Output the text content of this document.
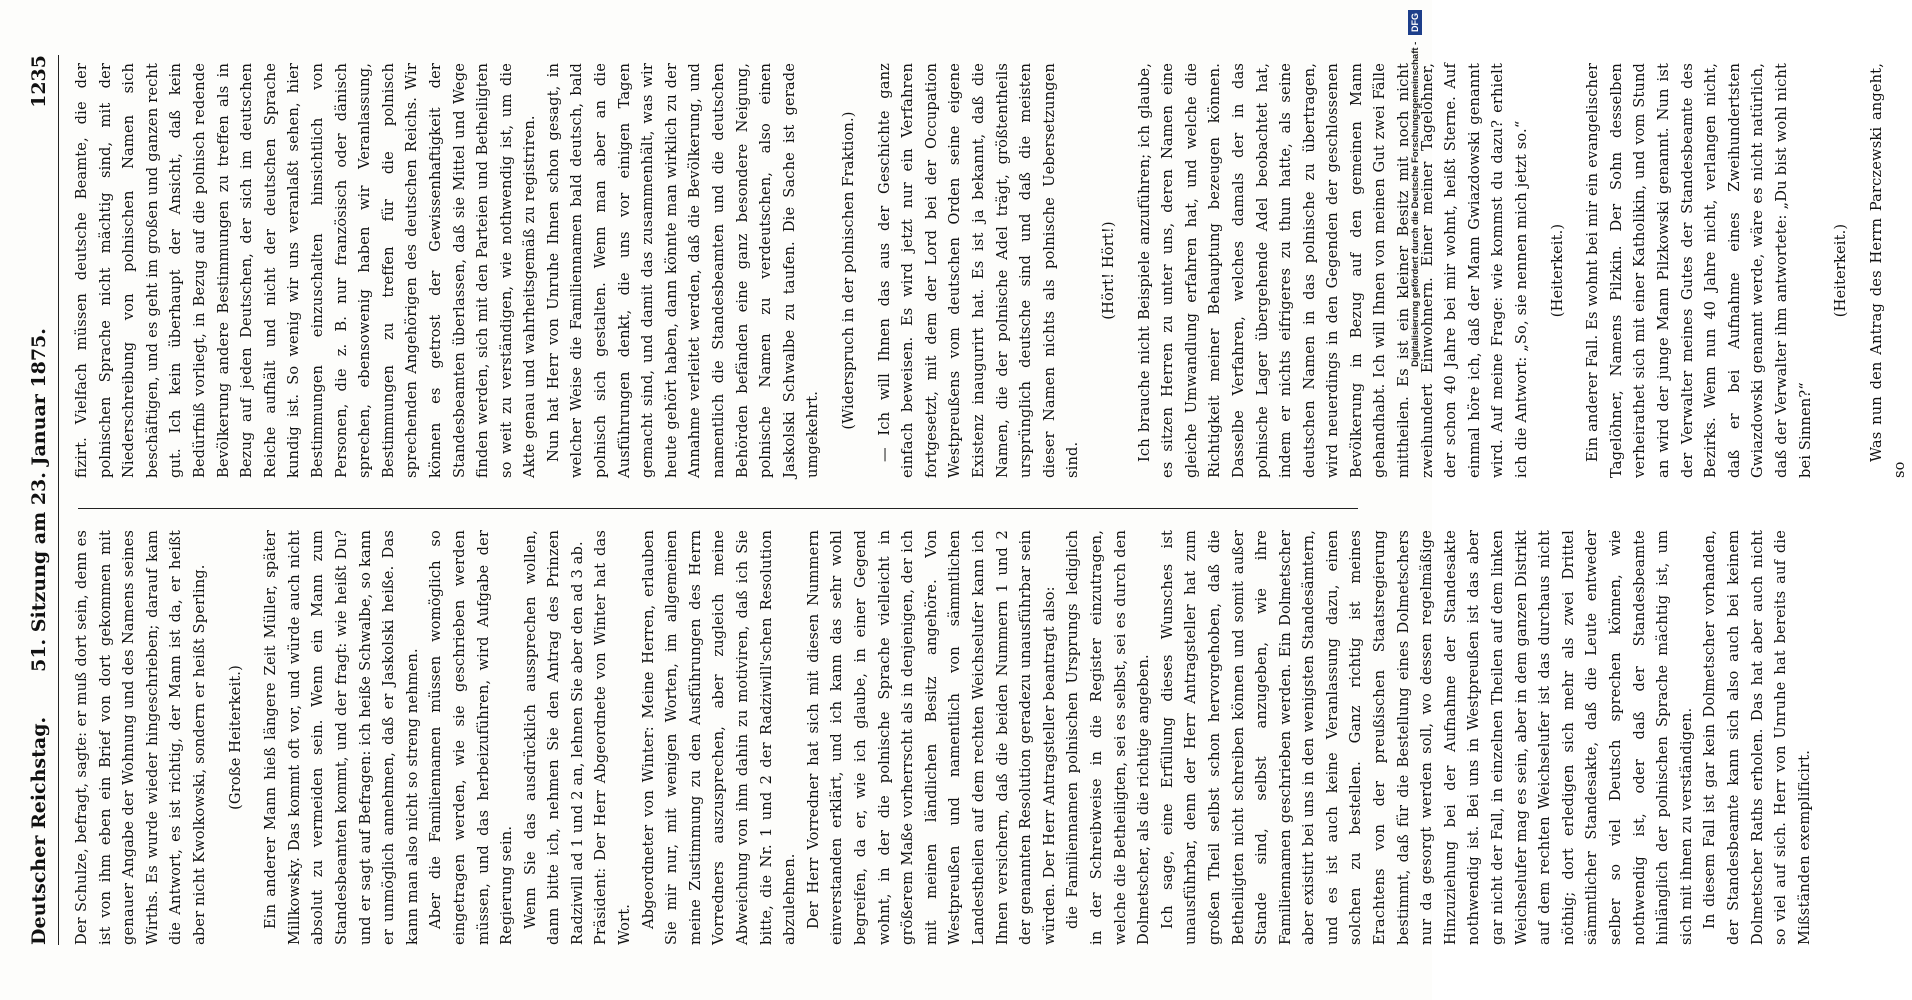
Deutscher Reichstag.
51. Sitzung am 23. Januar 1875.
1235

Der Schulze, befragt, sagte: er muß dort sein, denn es ist von ihm eben ein Brief von dort gekommen mit genauer Angabe der Wohnung und des Namens seines Wirths. Es wurde wieder hingeschrieben; darauf kam die Antwort, es ist richtig, der Mann ist da, er heißt aber nicht Kwolkowski, sondern er heißt Sperling. (Große Heiterkeit.) Ein anderer Mann hieß längere Zeit Müller, später Millkowsky. Das kommt oft vor, und würde auch nicht absolut zu vermeiden sein. Wenn ein Mann zum Standesbeamten kommt, und der fragt: wie heißt Du? und er sagt auf Befragen: ich heiße Schwalbe, so kann er unmöglich annehmen, daß er Jaskolski heiße. Das kann man also nicht so streng nehmen. Aber die Familiennamen müssen womöglich so eingetragen werden, wie sie geschrieben werden müssen, und das herbeizuführen, wird Aufgabe der Regierung sein. Wenn Sie das ausdrücklich aussprechen wollen, dann bitte ich, nehmen Sie den Antrag des Prinzen Radziwill ad 1 und 2 an, lehnen Sie aber den ad 3 ab. Präsident: Der Herr Abgeordnete von Winter hat das Wort. Abgeordneter von Winter: Meine Herren, erlauben Sie mir nur, mit wenigen Worten, im allgemeinen meine Zustimmung zu den Ausführungen des Herrn Vorredners auszusprechen, aber zugleich meine Abweichung von ihm dahin zu motiviren, daß ich Sie bitte, die Nr. 1 und 2 der Radziwill'schen Resolution abzulehnen. Der Herr Vorredner hat sich mit diesen Nummern einverstanden erklärt, und ich kann das sehr wohl begreifen, da er, wie ich glaube, in einer Gegend wohnt, in der die polnische Sprache vielleicht in größerem Maße vorherrscht als in denjenigen, der ich mit meinen ländlichen Besitz angehöre. Von Westpreußen und namentlich von sämmtlichen Landestheilen auf dem rechten Weichselufer kann ich Ihnen versichern, daß die beiden Nummern 1 und 2 der genannten Resolution geradezu unausführbar sein würden. Der Herr Antragsteller beantragt also: die Familiennamen polnischen Ursprungs lediglich in der Schreibweise in die Register einzutragen, welche die Betheiligten, sei es selbst, sei es durch den Dolmetscher, als die richtige angeben. Ich sage, eine Erfüllung dieses Wunsches ist unausführbar, denn der Herr Antragsteller hat zum großen Theil selbst schon hervorgehoben, daß die Betheiligten nicht schreiben können und somit außer Stande sind, selbst anzugeben, wie ihre Familiennamen geschrieben werden. Ein Dolmetscher aber existirt bei uns in den wenigsten Standesämtern, und es ist auch keine Veranlassung dazu, einen solchen zu bestellen. Ganz richtig ist meines Erachtens von der preußischen Staatsregierung bestimmt, daß für die Bestellung eines Dolmetschers nur da gesorgt werden soll, wo dessen regelmäßige Hinzuziehung bei der Aufnahme der Standesakte nothwendig ist. Bei uns in Westpreußen ist das aber gar nicht der Fall, in einzelnen Theilen auf dem linken Weichselufer mag es sein, aber in dem ganzen Distrikt auf dem rechten Weichselufer ist das durchaus nicht nöthig; dort erledigen sich mehr als zwei Drittel sämmtlicher Standesakte, daß die Leute entweder selber so viel Deutsch sprechen können, wie nothwendig ist, oder daß der Standesbeamte hinlänglich der polnischen Sprache mächtig ist, um sich mit ihnen zu verständigen. In diesem Fall ist gar kein Dolmetscher vorhanden, der Standesbeamte kann sich also auch bei keinem Dolmetscher Raths erholen. Das hat aber auch nicht so viel auf sich. Herr von Unruhe hat bereits auf die Mißständen exemplificirt.

fizirt. Vielfach müssen deutsche Beamte, die der polnischen Sprache nicht mächtig sind, mit der Niederschreibung von polnischen Namen sich beschäftigen, und es geht im großen und ganzen recht gut. Ich kein überhaupt der Ansicht, daß kein Bedürfniß vorliegt, in Bezug auf die polnisch redende Bevölkerung andere Bestimmungen zu treffen als in Bezug auf jeden Deutschen, der sich im deutschen Reiche aufhält und nicht der deutschen Sprache kundig ist. So wenig wir uns veranlaßt sehen, hier Bestimmungen einzuschalten hinsichtlich von Personen, die z. B. nur französisch oder dänisch sprechen, ebensowenig haben wir Veranlassung, Bestimmungen zu treffen für die polnisch sprechenden Angehörigen des deutschen Reichs. Wir können es getrost der Gewissenhaftigkeit der Standesbeamten überlassen, daß sie Mittel und Wege finden werden, sich mit den Parteien und Betheiligten so weit zu verständigen, wie nothwendig ist, um die Akte genau und wahrheitsgemäß zu registriren. Nun hat Herr von Unruhe Ihnen schon gesagt, in welcher Weise die Familiennamen bald deutsch, bald polnisch sich gestalten. Wenn man aber an die Ausführungen denkt, die uns vor einigen Tagen gemacht sind, und damit das zusammenhält, was wir heute gehört haben, dann könnte man wirklich zu der Annahme verleitet werden, daß die Bevölkerung, und namentlich die Standesbeamten und die deutschen Behörden befänden eine ganz besondere Neigung, polnische Namen zu verdeutschen, also einen Jaskolski Schwalbe zu taufen. Die Sache ist gerade umgekehrt.

(Widerspruch in der polnischen Fraktion.) — Ich will Ihnen das aus der Geschichte ganz einfach beweisen. Es wird jetzt nur ein Verfahren fortgesetzt, mit dem der Lord bei der Occupation Westpreußens vom deutschen Orden seine eigene Existenz inaugurirt hat. Es ist ja bekannt, daß die Namen, die der polnische Adel trägt, größtentheils ursprünglich deutsche sind und daß die meisten dieser Namen nichts als polnische Uebersetzungen sind.

(Hört! Hört!) Ich brauche nicht Beispiele anzuführen; ich glaube, es sitzen Herren zu unter uns, deren Namen eine gleiche Umwandlung erfahren hat, und welche die Richtigkeit meiner Behauptung bezeugen können. Dasselbe Verfahren, welches damals der in das polnische Lager übergehende Adel beobachtet hat, indem er nichts eifrigeres zu thun hatte, als seine deutschen Namen in das polnische zu übertragen, wird neuerdings in den Gegenden der geschlossenen Bevölkerung in Bezug auf den gemeinen Mann gehandhabt. Ich will Ihnen von meinen Gut zwei Fälle mittheilen. Es ist ein kleiner Besitz mit noch nicht zweihundert Einwohnern. Einer meiner Tagelöhner, der schon 40 Jahre bei mir wohnt, heißt Sterne. Auf einmal höre ich, daß der Mann Gwiazdowski genannt wird. Auf meine Frage: wie kommst du dazu? erhielt ich die Antwort: „So, sie nennen mich jetzt so.“ (Heiterkeit.) Ein anderer Fall. Es wohnt bei mir ein evangelischer Tagelöhner, Namens Pilzkin. Der Sohn desselben verheirathet sich mit einer Katholikin, und vom Stund an wird der junge Mann Pilzkowski genannt. Nun ist der Verwalter meines Gutes der Standesbeamte des Bezirks. Wenn nun 40 Jahre nicht, verlangen nicht, daß er bei Aufnahme eines Zweihundertsten Gwiazdowski genannt werde, wäre es nicht natürlich, daß der Verwalter ihm antwortete: „Du bist wohl nicht bei Sinnen?“

(Heiterkeit.) Was nun den Antrag des Herrn Parczewski angeht, so

Digitalisierung gefördert durch die Deutsche Forschungsgemeinschaft - DFG
